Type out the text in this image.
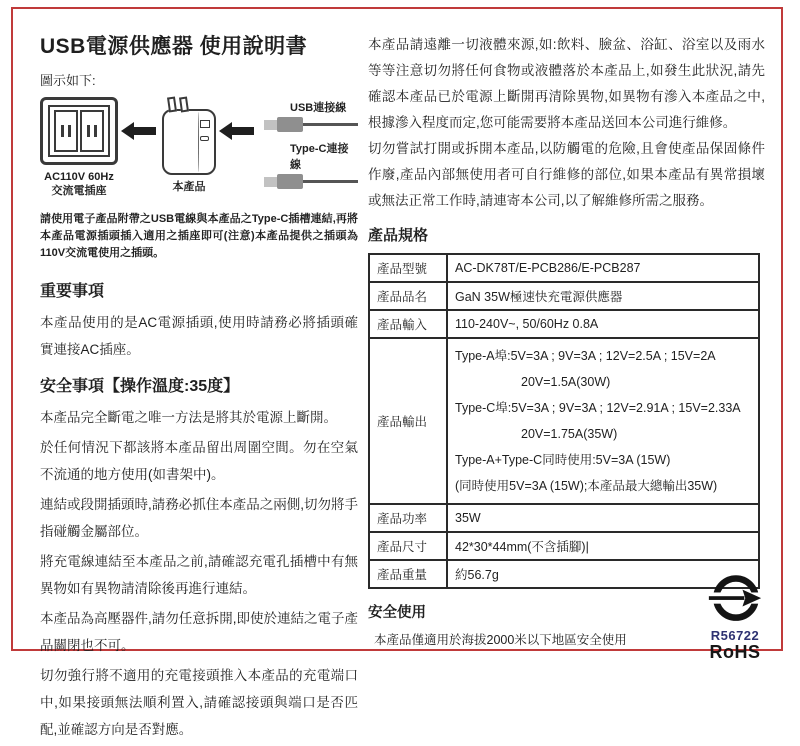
USB電源供應器 使用說明書

圖示如下:

AC110V 60Hz
交流電插座	本產品
USB連接線
Type-C連接線

請使用電子產品附帶之USB電線與本產品之Type-C插槽連結,再將本產品電源插頭插入適用之插座即可(注意)本產品提供之插頭為110V交流電使用之插頭。

重要事項

本產品使用的是AC電源插頭,使用時請務必將插頭確實連接AC插座。

安全事項【操作溫度:35度】

本產品完全斷電之唯一方法是將其於電源上斷開。

於任何情況下都該將本產品留出周圍空間。勿在空氣不流通的地方使用(如書架中)。

連結或段開插頭時,請務必抓住本產品之兩側,切勿將手指碰觸金屬部位。

將充電線連結至本產品之前,請確認充電孔插槽中有無異物如有異物請清除後再進行連結。

本產品為高壓器件,請勿任意拆開,即使於連結之電子產品關閉也不可。

切勿強行將不適用的充電接頭推入本產品的充電端口中,如果接頭無法順利置入,請確認接頭與端口是否匹配,並確認方向是否對應。

本產品請遠離一切液體來源,如:飲料、臉盆、浴缸、浴室以及雨水等等注意切勿將任何食物或液體落於本產品上,如發生此狀況,請先確認本產品已於電源上斷開再清除異物,如異物有滲入本產品之中,根據滲入程度而定,您可能需要將本產品送回本公司進行維修。

切勿嘗試打開或拆開本產品,以防觸電的危險,且會使產品保固條件作廢,產品內部無使用者可自行維修的部位,如果本產品有異常損壞或無法正常工作時,請連寄本公司,以了解維修所需之服務。

產品規格
產品型號	AC-DK78T/E-PCB286/E-PCB287
產品品名	GaN 35W極速快充電源供應器
產品輸入	110-240V~, 50/60Hz 0.8A
產品輸出	
Type-A埠:5V=3A ; 9V=3A ; 12V=2.5A ; 15V=2A
20V=1.5A(30W)
Type-C埠:5V=3A ; 9V=3A ; 12V=2.91A ; 15V=2.33A
20V=1.75A(35W)
Type-A+Type-C同時使用:5V=3A (15W)
(同時使用5V=3A (15W);本產品最大總輸出35W)

產品功率	35W
產品尺寸	42*30*44mm(不含插腳)|
產品重量	約56.7g
安全使用

本產品僅適用於海拔2000米以下地區安全使用	R56722
RoHS
